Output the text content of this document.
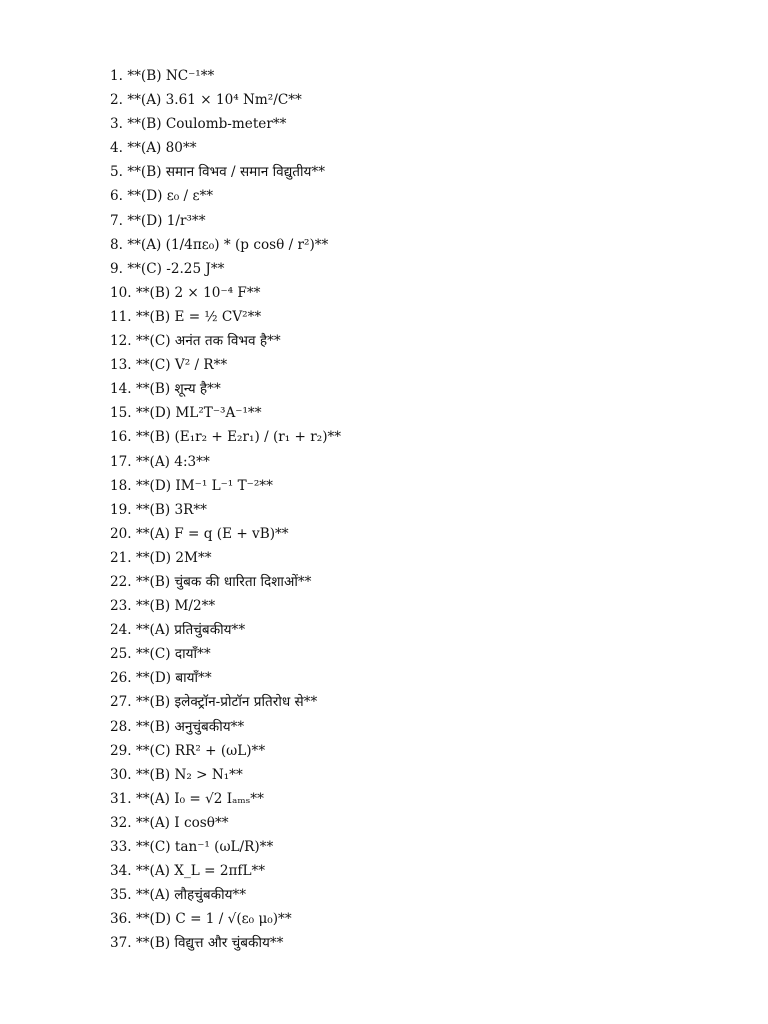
1. **(B) NC⁻¹**
2. **(A) 3.61 × 10⁴ Nm²/C**
3. **(B) Coulomb-meter**
4. **(A) 80**
5. **(B) समान विभव / समान विद्युतीय**
6. **(D) ε₀ / ε**
7. **(D) 1/r³**
8. **(A) (1/4πε₀) * (p cosθ / r²)**
9. **(C) -2.25 J**
10. **(B) 2 × 10⁻⁴ F**
11. **(B) E = ½ CV²**
12. **(C) अनंत तक विभव है**
13. **(C) V² / R**
14. **(B) शून्य है**
15. **(D) ML²T⁻³A⁻¹**
16. **(B) (E₁r₂ + E₂r₁) / (r₁ + r₂)**
17. **(A) 4:3**
18. **(D) IM⁻¹ L⁻¹ T⁻²**
19. **(B) 3R**
20. **(A) F = q (E + vB)**
21. **(D) 2M**
22. **(B) चुंबक की धारिता दिशाओं**
23. **(B) M/2**
24. **(A) प्रतिचुंबकीय**
25. **(C) दायाँ**
26. **(D) बायाँ**
27. **(B) इलेक्ट्रॉन-प्रोटॉन प्रतिरोध से**
28. **(B) अनुचुंबकीय**
29. **(C) RR² + (ωL)**
30. **(B) N₂ > N₁**
31. **(A) I₀ = √2 Iₐₘₛ**
32. **(A) I cosθ**
33. **(C) tan⁻¹ (ωL/R)**
34. **(A) X_L = 2πfL**
35. **(A) लौहचुंबकीय**
36. **(D) C = 1 / √(ε₀ μ₀)**
37. **(B) विद्युत्त और चुंबकीय**
